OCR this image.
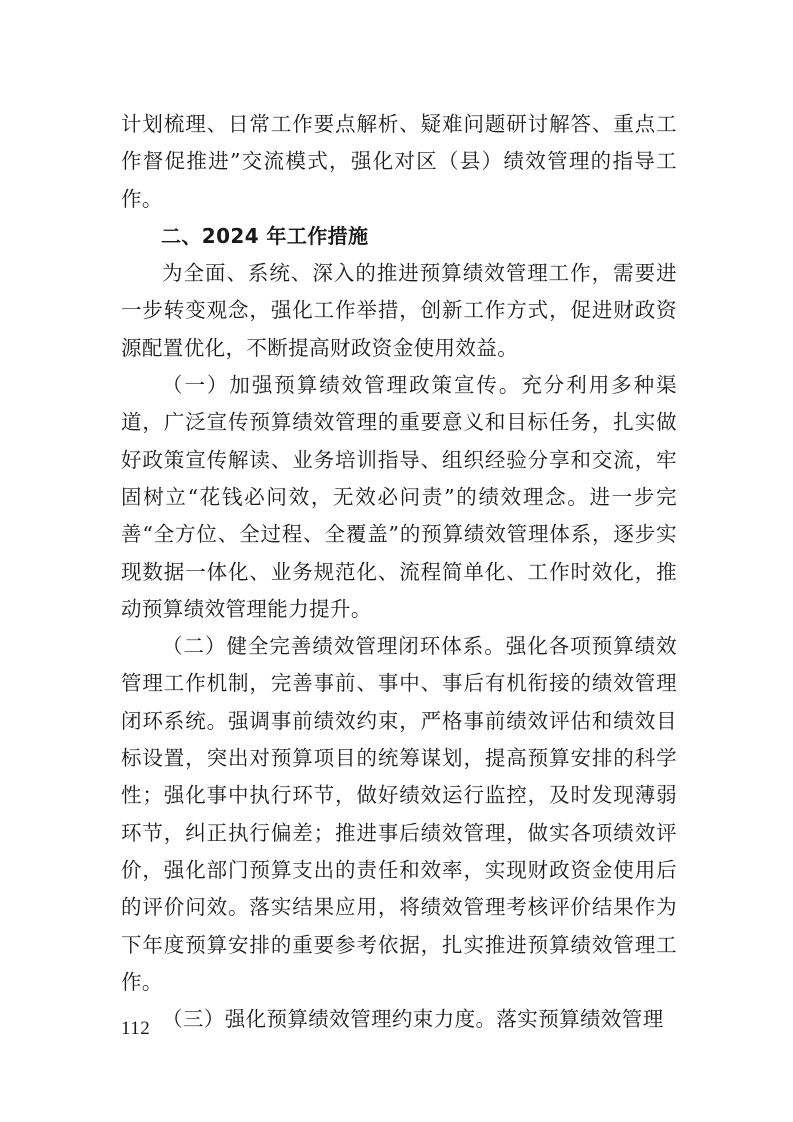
计划梳理、日常工作要点解析、疑难问题研讨解答、重点工作督促推进”交流模式，强化对区（县）绩效管理的指导工作。

二、2024 年工作措施

为全面、系统、深入的推进预算绩效管理工作，需要进一步转变观念，强化工作举措，创新工作方式，促进财政资源配置优化，不断提高财政资金使用效益。

（一）加强预算绩效管理政策宣传。充分利用多种渠道，广泛宣传预算绩效管理的重要意义和目标任务，扎实做好政策宣传解读、业务培训指导、组织经验分享和交流，牢固树立“花钱必问效，无效必问责”的绩效理念。进一步完善“全方位、全过程、全覆盖”的预算绩效管理体系，逐步实现数据一体化、业务规范化、流程简单化、工作时效化，推动预算绩效管理能力提升。

（二）健全完善绩效管理闭环体系。强化各项预算绩效管理工作机制，完善事前、事中、事后有机衔接的绩效管理闭环系统。强调事前绩效约束，严格事前绩效评估和绩效目标设置，突出对预算项目的统筹谋划，提高预算安排的科学性；强化事中执行环节，做好绩效运行监控，及时发现薄弱环节，纠正执行偏差；推进事后绩效管理，做实各项绩效评价，强化部门预算支出的责任和效率，实现财政资金使用后的评价问效。落实结果应用，将绩效管理考核评价结果作为下年度预算安排的重要参考依据，扎实推进预算绩效管理工作。

（三）强化预算绩效管理约束力度。落实预算绩效管理

112
